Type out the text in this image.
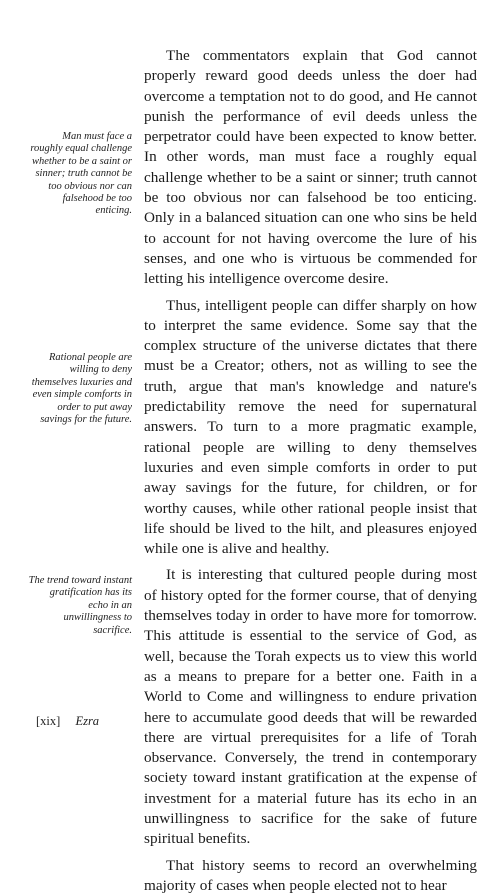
Man must face a roughly equal challenge whether to be a saint or sinner; truth cannot be too obvious nor can falsehood be too enticing.
Rational people are willing to deny themselves luxuries and even simple comforts in order to put away savings for the future.
The trend toward instant gratification has its echo in an unwillingness to sacrifice.

The commentators explain that God cannot properly reward good deeds unless the doer had overcome a temptation not to do good, and He cannot punish the performance of evil deeds unless the perpetrator could have been expected to know better. In other words, man must face a roughly equal challenge whether to be a saint or sinner; truth cannot be too obvious nor can falsehood be too enticing. Only in a balanced situation can one who sins be held to account for not having overcome the lure of his senses, and one who is virtuous be commended for letting his intelligence overcome desire.

Thus, intelligent people can differ sharply on how to interpret the same evidence. Some say that the complex structure of the universe dictates that there must be a Creator; others, not as willing to see the truth, argue that man's knowledge and nature's predictability remove the need for supernatural answers. To turn to a more pragmatic example, rational people are willing to deny themselves luxuries and even simple comforts in order to put away savings for the future, for children, or for worthy causes, while other rational people insist that life should be lived to the hilt, and pleasures enjoyed while one is alive and healthy.

It is interesting that cultured people during most of history opted for the former course, that of denying themselves today in order to have more for tomorrow. This attitude is essential to the service of God, as well, because the Torah expects us to view this world as a means to prepare for a better one. Faith in a World to Come and willingness to endure privation here to accumulate good deeds that will be rewarded there are virtual prerequisites for a life of Torah observance. Conversely, the trend in contemporary society toward instant gratification at the expense of investment for a material future has its echo in an unwillingness to sacrifice for the sake of future spiritual benefits.

That history seems to record an overwhelming majority of cases when people elected not to hear

[xix] Ezra
